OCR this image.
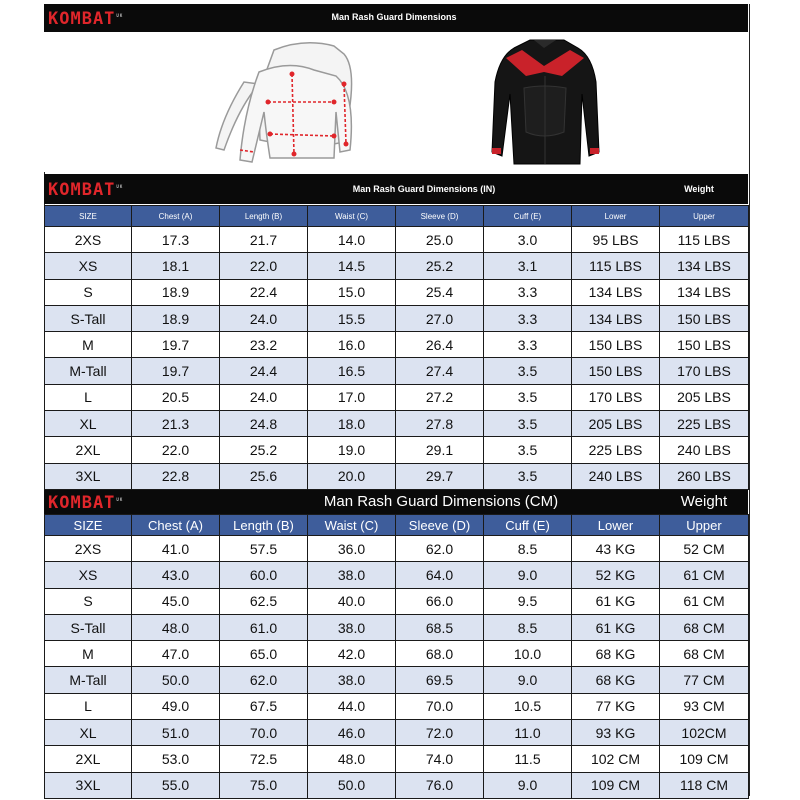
$KOMBAT^{UK}$	Man Rash Guard Dimensions
$KOMBAT^{UK}$	Man Rash Guard Dimensions (IN)	Weight
SIZE	Chest (A)	Length (B)	Waist (C)	Sleeve (D)	Cuff (E)	Lower	Upper
2XS	17.3	21.7	14.0	25.0	3.0	95 LBS	115 LBS
XS	18.1	22.0	14.5	25.2	3.1	115 LBS	134 LBS
S	18.9	22.4	15.0	25.4	3.3	134 LBS	134 LBS
S-Tall	18.9	24.0	15.5	27.0	3.3	134 LBS	150 LBS
M	19.7	23.2	16.0	26.4	3.3	150 LBS	150 LBS
M-Tall	19.7	24.4	16.5	27.4	3.5	150 LBS	170 LBS
L	20.5	24.0	17.0	27.2	3.5	170 LBS	205 LBS
XL	21.3	24.8	18.0	27.8	3.5	205 LBS	225 LBS
2XL	22.0	25.2	19.0	29.1	3.5	225 LBS	240 LBS
3XL	22.8	25.6	20.0	29.7	3.5	240 LBS	260 LBS
$KOMBAT^{UK}$	Man Rash Guard Dimensions (CM)	Weight
SIZE	Chest (A)	Length (B)	Waist (C)	Sleeve (D)	Cuff (E)	Lower	Upper
2XS	41.0	57.5	36.0	62.0	8.5	43 KG	52 CM
XS	43.0	60.0	38.0	64.0	9.0	52 KG	61 CM
S	45.0	62.5	40.0	66.0	9.5	61 KG	61 CM
S-Tall	48.0	61.0	38.0	68.5	8.5	61 KG	68 CM
M	47.0	65.0	42.0	68.0	10.0	68 KG	68 CM
M-Tall	50.0	62.0	38.0	69.5	9.0	68 KG	77 CM
L	49.0	67.5	44.0	70.0	10.5	77 KG	93 CM
XL	51.0	70.0	46.0	72.0	11.0	93 KG	102CM
2XL	53.0	72.5	48.0	74.0	11.5	102 CM	109 CM
3XL	55.0	75.0	50.0	76.0	9.0	109 CM	118 CM
